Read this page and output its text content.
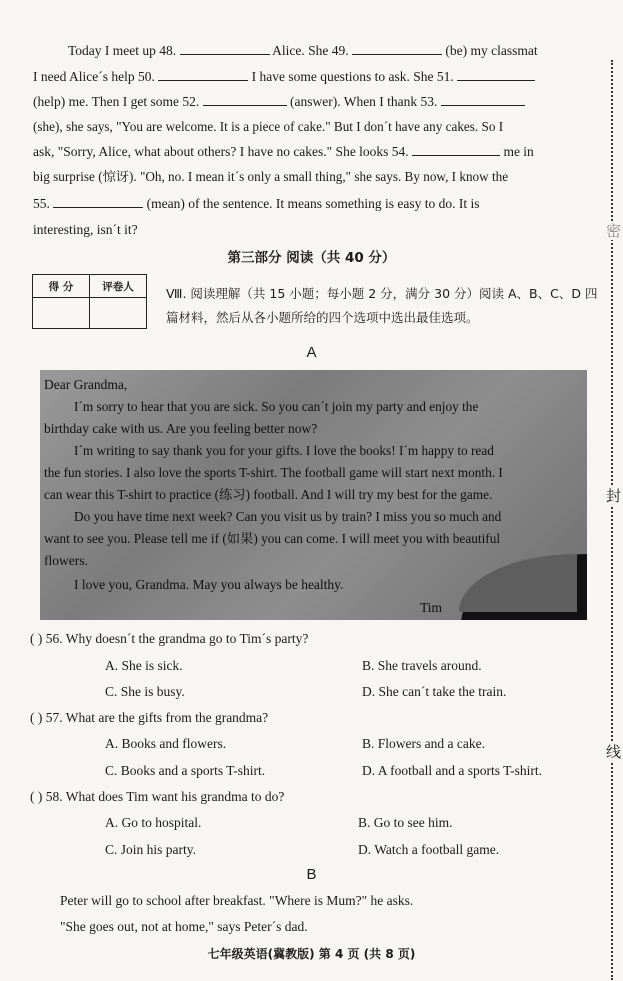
Today I meet up 48.	Alice. She 49.	(be) my classmat
I need Alice´s help 50.	I have some questions to ask. She 51.
(help) me. Then I get some 52.	(answer). When I thank 53.
(she), she says, "You are welcome. It is a piece of cake." But I don´t have any cakes. So I
ask, "Sorry, Alice, what about others? I have no cakes." She looks 54.	me in
big surprise (惊讶). "Oh, no. I mean it´s only a small thing," she says. By now, I know the
55.	(mean) of the sentence. It means something is easy to do. It is
interesting, isn´t it?
第三部分 阅读（共 40 分）
得 分	评卷人
		Ⅷ. 阅读理解（共 15 小题；每小题 2 分，满分 30 分）阅读 A、B、C、D 四篇材料，然后从各小题所给的四个选项中选出最佳选项。
A
Dear Grandma,
I´m sorry to hear that you are sick. So you can´t join my party and enjoy the
birthday cake with us. Are you feeling better now?
I´m writing to say thank you for your gifts. I love the books! I´m happy to read
the fun stories. I also love the sports T-shirt. The football game will start next month. I
can wear this T-shirt to practice (练习) football. And I will try my best for the game.
Do you have time next week? Can you visit us by train? I miss you so much and
want to see you. Please tell me if (如果) you can come. I will meet you with beautiful
flowers.
I love you, Grandma. May you always be healthy.
Tim
( ) 56. Why doesn´t the grandma go to Tim´s party?
A. She is sick.	B. She travels around.
C. She is busy.	D. She can´t take the train.
( ) 57. What are the gifts from the grandma?
A. Books and flowers.	B. Flowers and a cake.
C. Books and a sports T-shirt.	D. A football and a sports T-shirt.
( ) 58. What does Tim want his grandma to do?
A. Go to hospital.	B. Go to see him.
C. Join his party.	D. Watch a football game.
B
Peter will go to school after breakfast. "Where is Mum?" he asks.
"She goes out, not at home," says Peter´s dad.
七年级英语(冀教版) 第 4 页 (共 8 页)
密
封
线
